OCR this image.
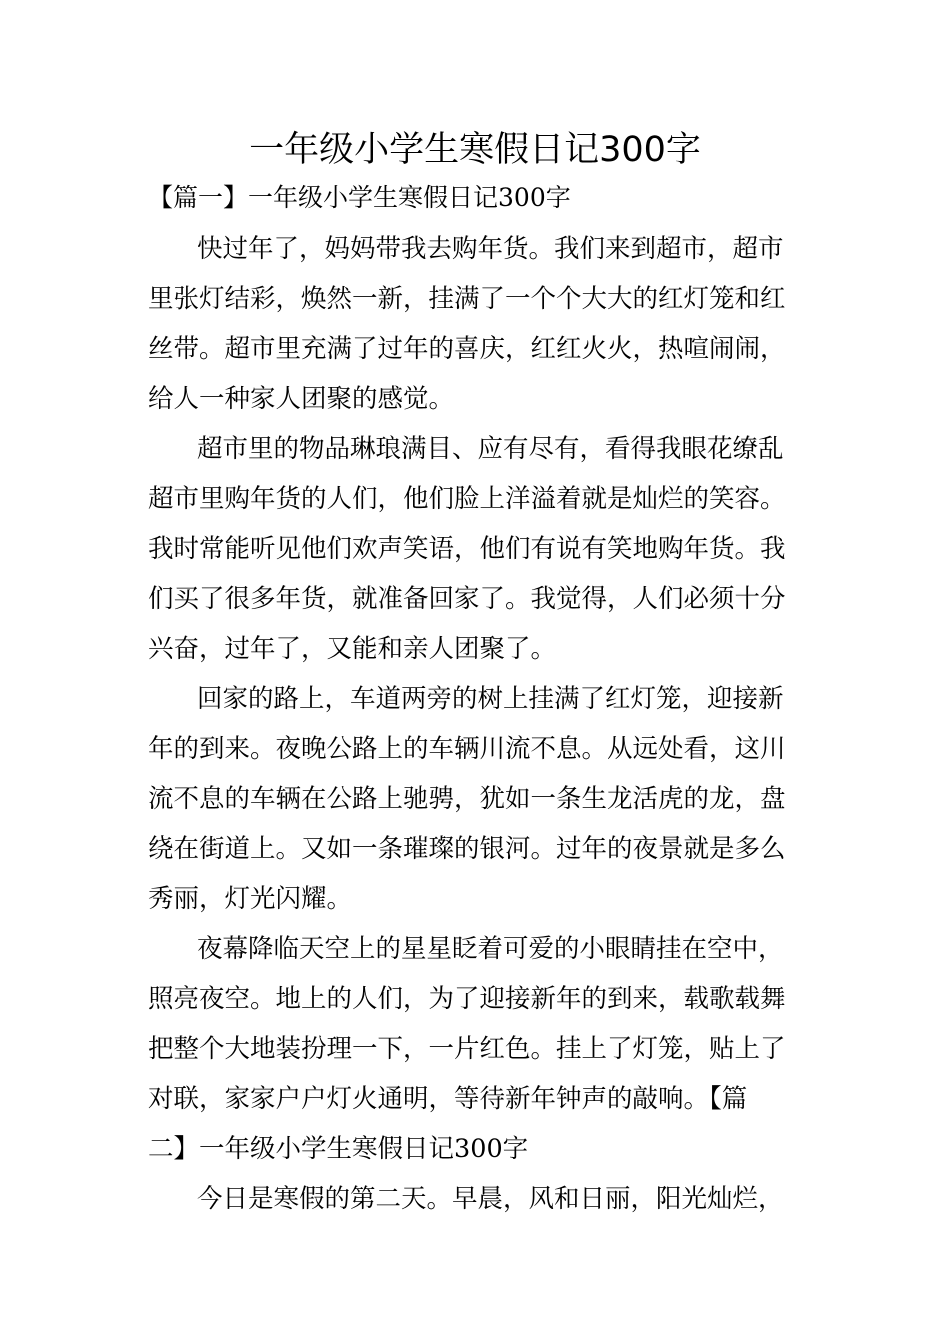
一年级小学生寒假日记300字
【篇一】一年级小学生寒假日记300字
快过年了，妈妈带我去购年货。我们来到超市，超市
里张灯结彩，焕然一新，挂满了一个个大大的红灯笼和红
丝带。超市里充满了过年的喜庆，红红火火，热喧闹闹，
给人一种家人团聚的感觉。
超市里的物品琳琅满目、应有尽有，看得我眼花缭乱
超市里购年货的人们，他们脸上洋溢着就是灿烂的笑容。
我时常能听见他们欢声笑语，他们有说有笑地购年货。我
们买了很多年货，就准备回家了。我觉得，人们必须十分
兴奋，过年了，又能和亲人团聚了。
回家的路上，车道两旁的树上挂满了红灯笼，迎接新
年的到来。夜晚公路上的车辆川流不息。从远处看，这川
流不息的车辆在公路上驰骋，犹如一条生龙活虎的龙，盘
绕在街道上。又如一条璀璨的银河。过年的夜景就是多么
秀丽，灯光闪耀。
夜幕降临天空上的星星眨着可爱的小眼睛挂在空中，
照亮夜空。地上的人们，为了迎接新年的到来，载歌载舞
把整个大地装扮理一下，一片红色。挂上了灯笼，贴上了
对联，家家户户灯火通明，等待新年钟声的敲响。【篇
二】一年级小学生寒假日记300字
今日是寒假的第二天。早晨，风和日丽，阳光灿烂，
